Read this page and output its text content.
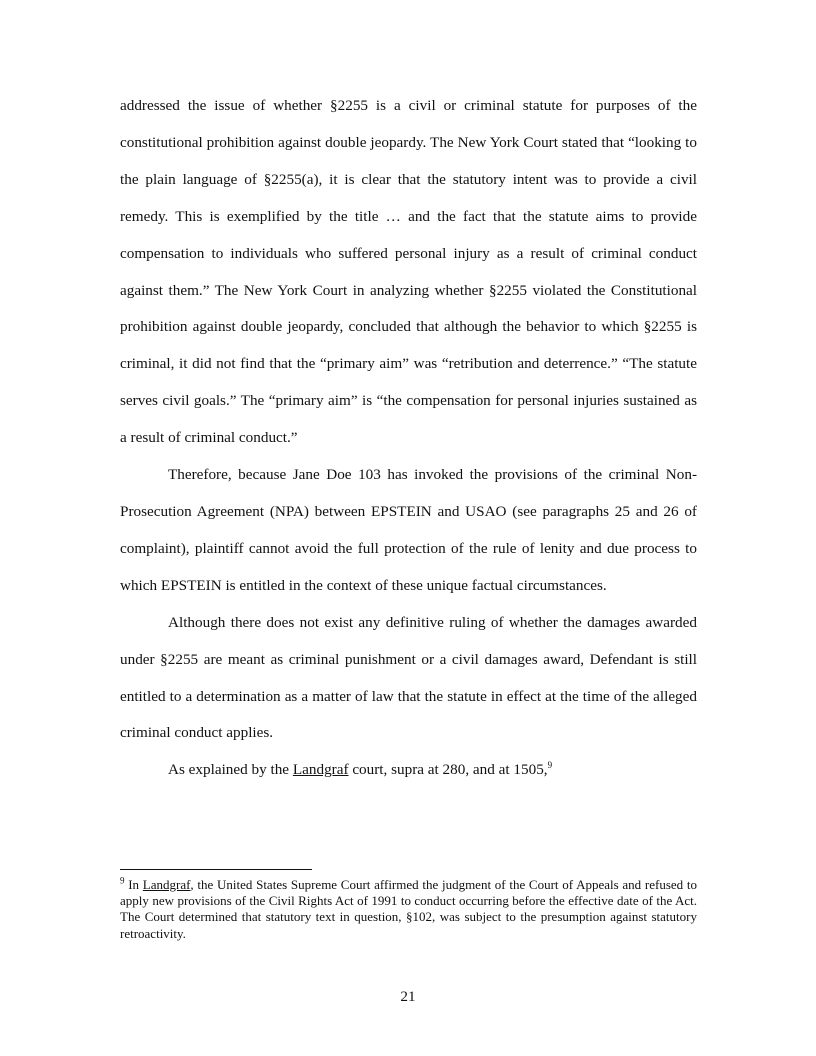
addressed the issue of whether §2255 is a civil or criminal statute for purposes of the constitutional prohibition against double jeopardy. The New York Court stated that “looking to the plain language of §2255(a), it is clear that the statutory intent was to provide a civil remedy. This is exemplified by the title … and the fact that the statute aims to provide compensation to individuals who suffered personal injury as a result of criminal conduct against them.” The New York Court in analyzing whether §2255 violated the Constitutional prohibition against double jeopardy, concluded that although the behavior to which §2255 is criminal, it did not find that the “primary aim” was “retribution and deterrence.” “The statute serves civil goals.” The “primary aim” is “the compensation for personal injuries sustained as a result of criminal conduct.”

Therefore, because Jane Doe 103 has invoked the provisions of the criminal Non-Prosecution Agreement (NPA) between EPSTEIN and USAO (see paragraphs 25 and 26 of complaint), plaintiff cannot avoid the full protection of the rule of lenity and due process to which EPSTEIN is entitled in the context of these unique factual circumstances.

Although there does not exist any definitive ruling of whether the damages awarded under §2255 are meant as criminal punishment or a civil damages award, Defendant is still entitled to a determination as a matter of law that the statute in effect at the time of the alleged criminal conduct applies.

As explained by the Landgraf court, supra at 280, and at 1505,$^9$

$^9$ In Landgraf, the United States Supreme Court affirmed the judgment of the Court of Appeals and refused to apply new provisions of the Civil Rights Act of 1991 to conduct occurring before the effective date of the Act. The Court determined that statutory text in question, §102, was subject to the presumption against statutory retroactivity.

21
